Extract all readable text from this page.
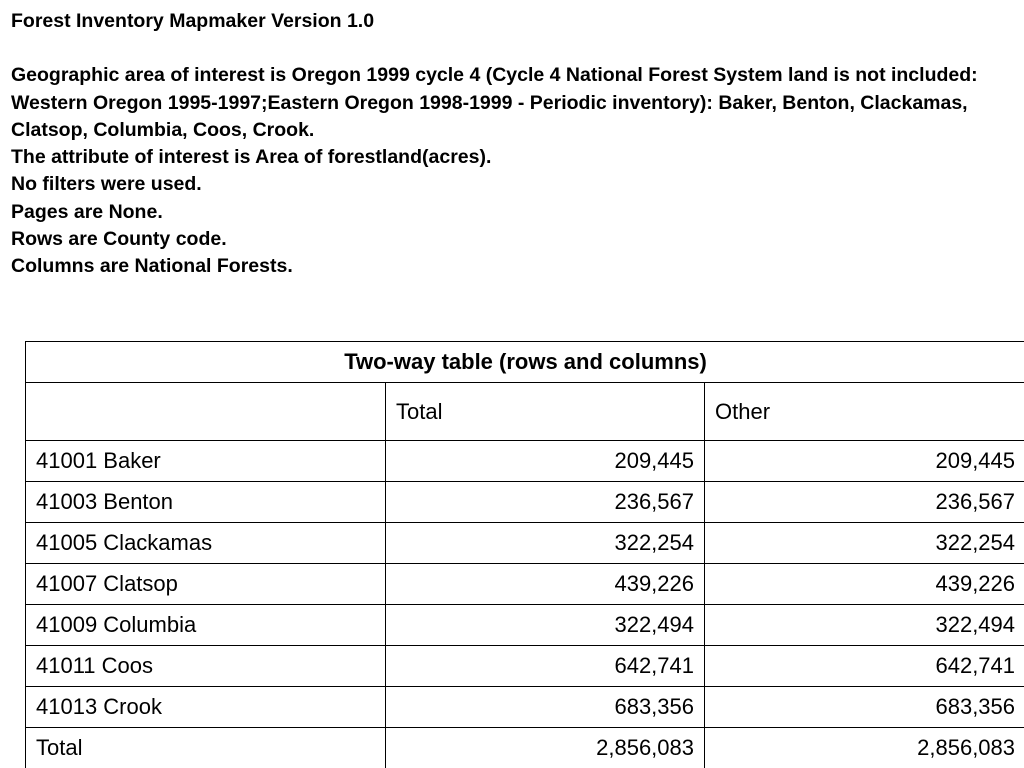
Forest Inventory Mapmaker Version 1.0
Geographic area of interest is Oregon 1999 cycle 4 (Cycle 4 National Forest System land is not included: Western Oregon 1995-1997;Eastern Oregon 1998-1999 - Periodic inventory): Baker, Benton, Clackamas, Clatsop, Columbia, Coos, Crook.
The attribute of interest is Area of forestland(acres).
No filters were used.
Pages are None.
Rows are County code.
Columns are National Forests.
Two-way table (rows and columns)		
	Total	Other
41001 Baker	209,445	209,445
41003 Benton	236,567	236,567
41005 Clackamas	322,254	322,254
41007 Clatsop	439,226	439,226
41009 Columbia	322,494	322,494
41011 Coos	642,741	642,741
41013 Crook	683,356	683,356
Total	2,856,083	2,856,083
